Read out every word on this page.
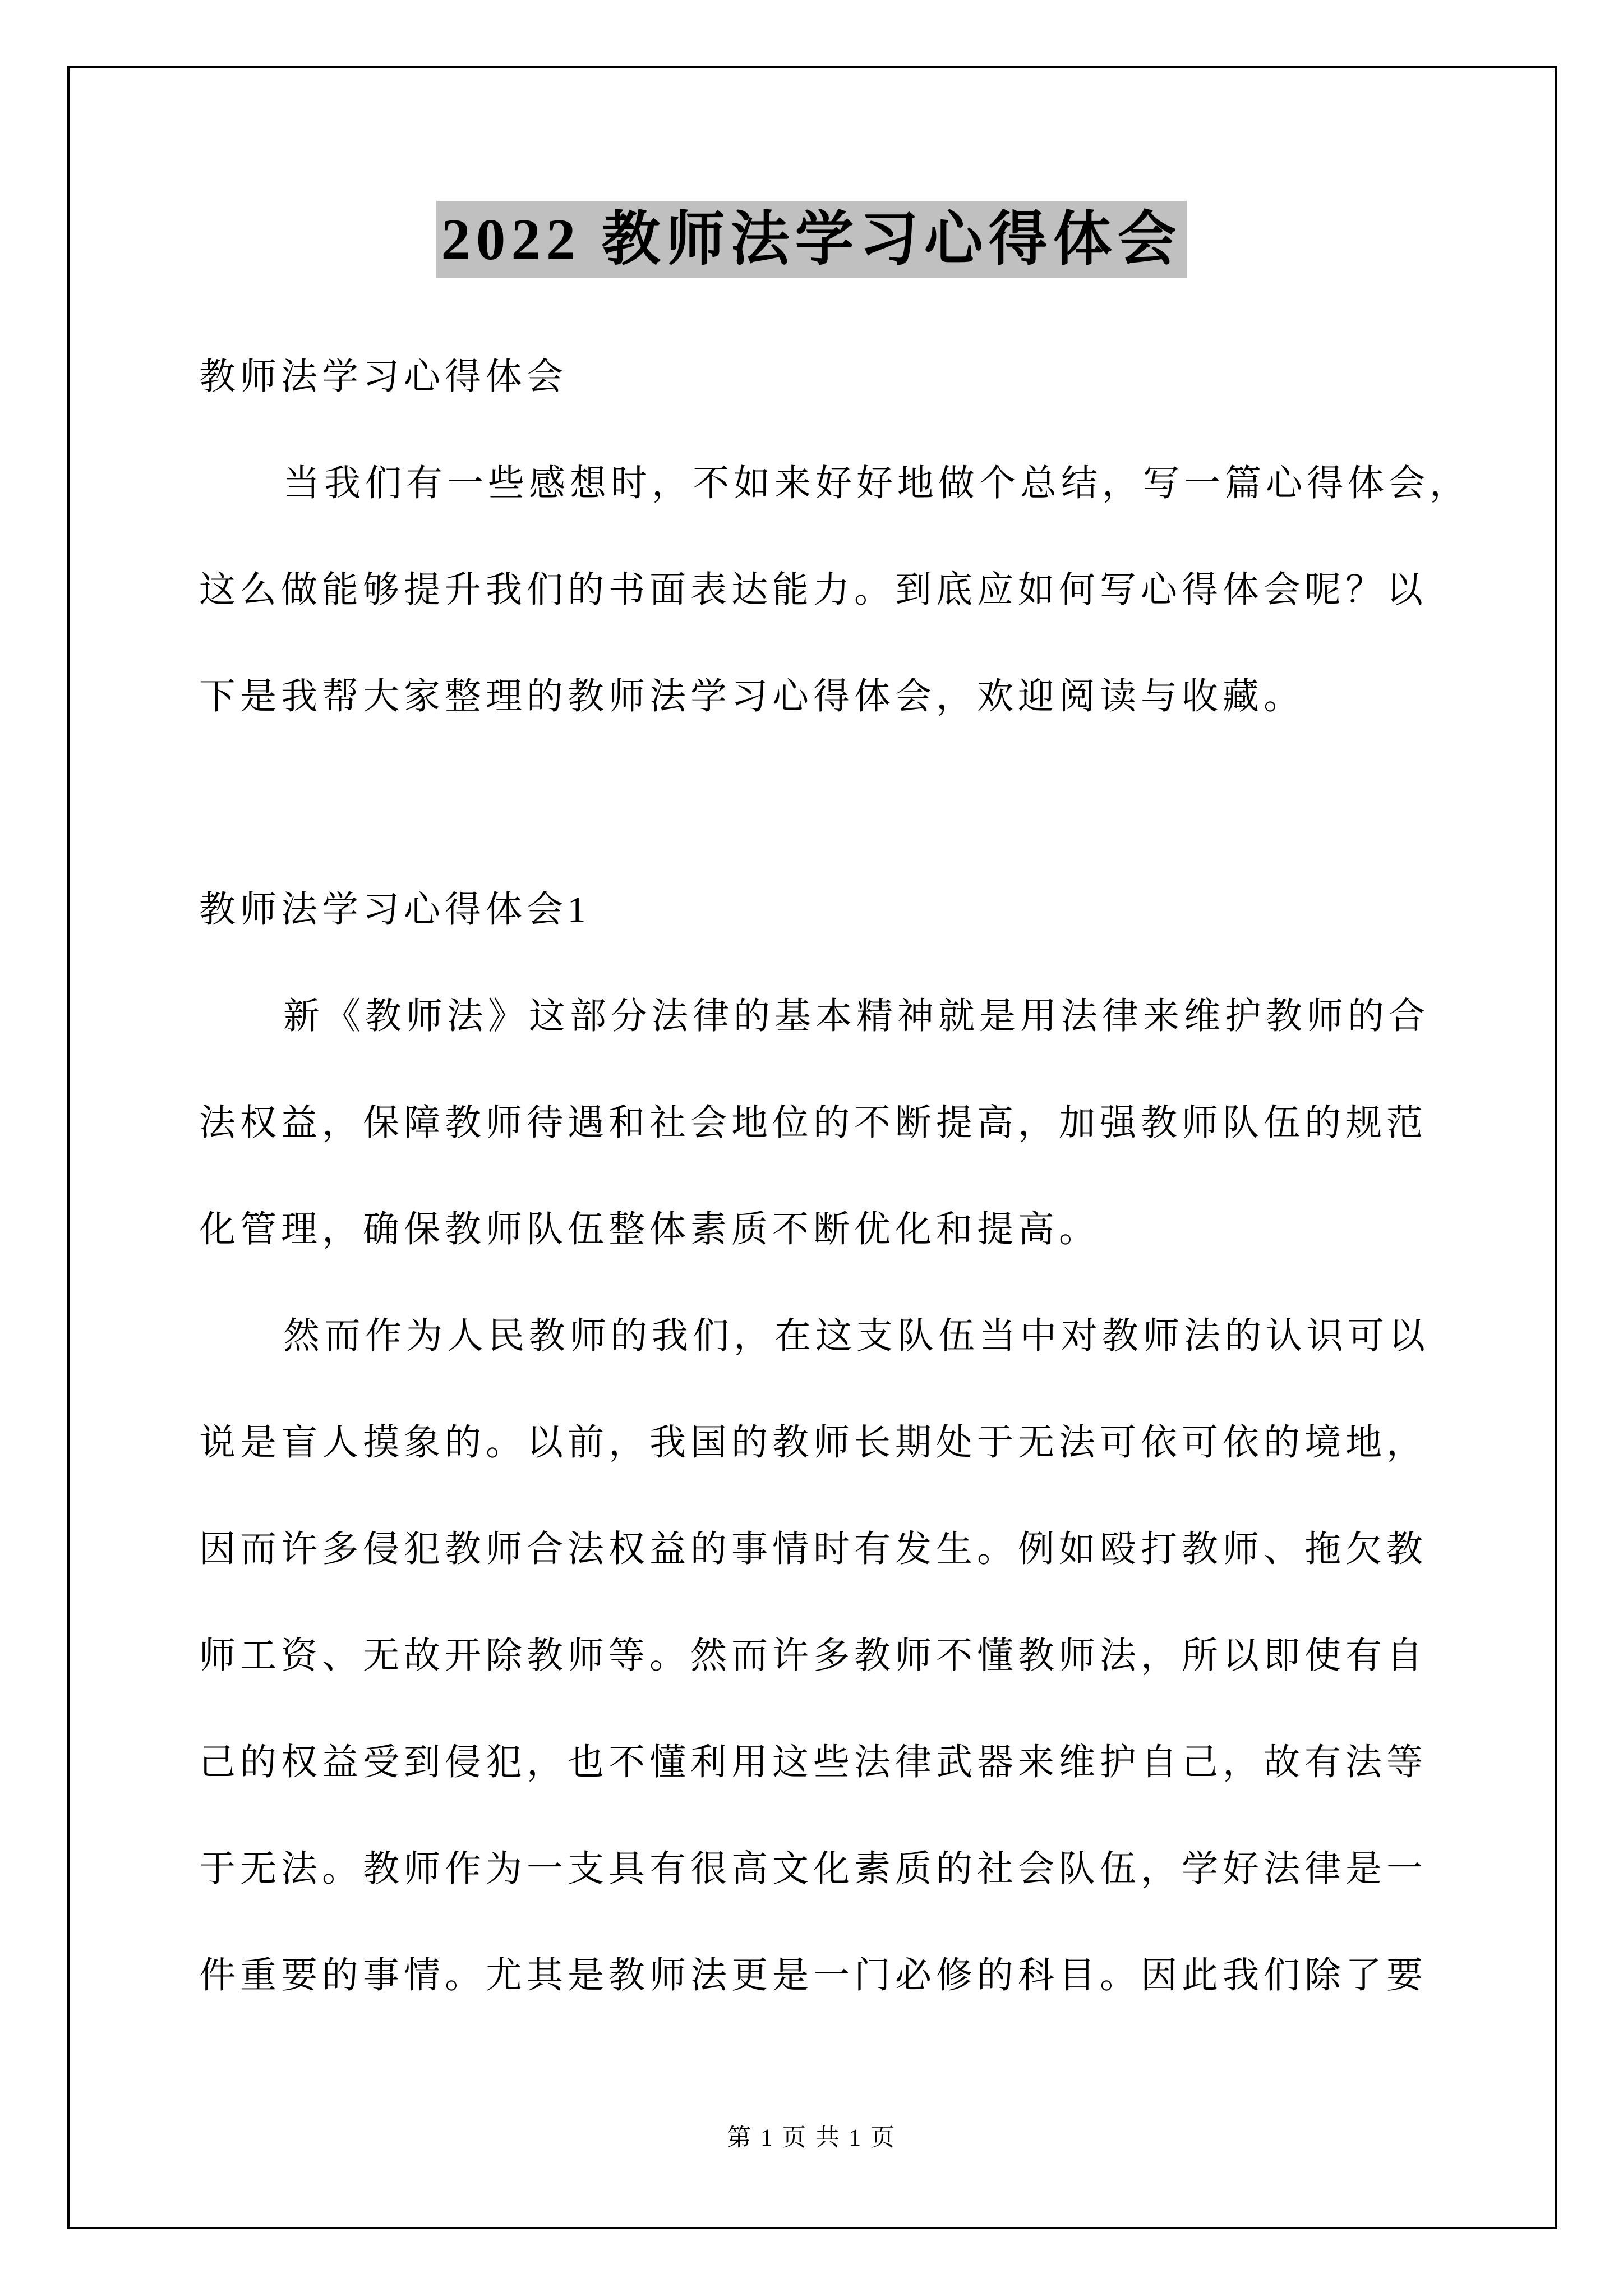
2022 教师法学习心得体会
教师法学习心得体会
当我们有一些感想时，不如来好好地做个总结，写一篇心得体会，
这么做能够提升我们的书面表达能力。到底应如何写心得体会呢？以
下是我帮大家整理的教师法学习心得体会，欢迎阅读与收藏。
教师法学习心得体会1
新《教师法》这部分法律的基本精神就是用法律来维护教师的合
法权益，保障教师待遇和社会地位的不断提高，加强教师队伍的规范
化管理，确保教师队伍整体素质不断优化和提高。
然而作为人民教师的我们，在这支队伍当中对教师法的认识可以
说是盲人摸象的。以前，我国的教师长期处于无法可依可依的境地，
因而许多侵犯教师合法权益的事情时有发生。例如殴打教师、拖欠教
师工资、无故开除教师等。然而许多教师不懂教师法，所以即使有自
己的权益受到侵犯，也不懂利用这些法律武器来维护自己，故有法等
于无法。教师作为一支具有很高文化素质的社会队伍，学好法律是一
件重要的事情。尤其是教师法更是一门必修的科目。因此我们除了要
第 1 页 共 1 页
